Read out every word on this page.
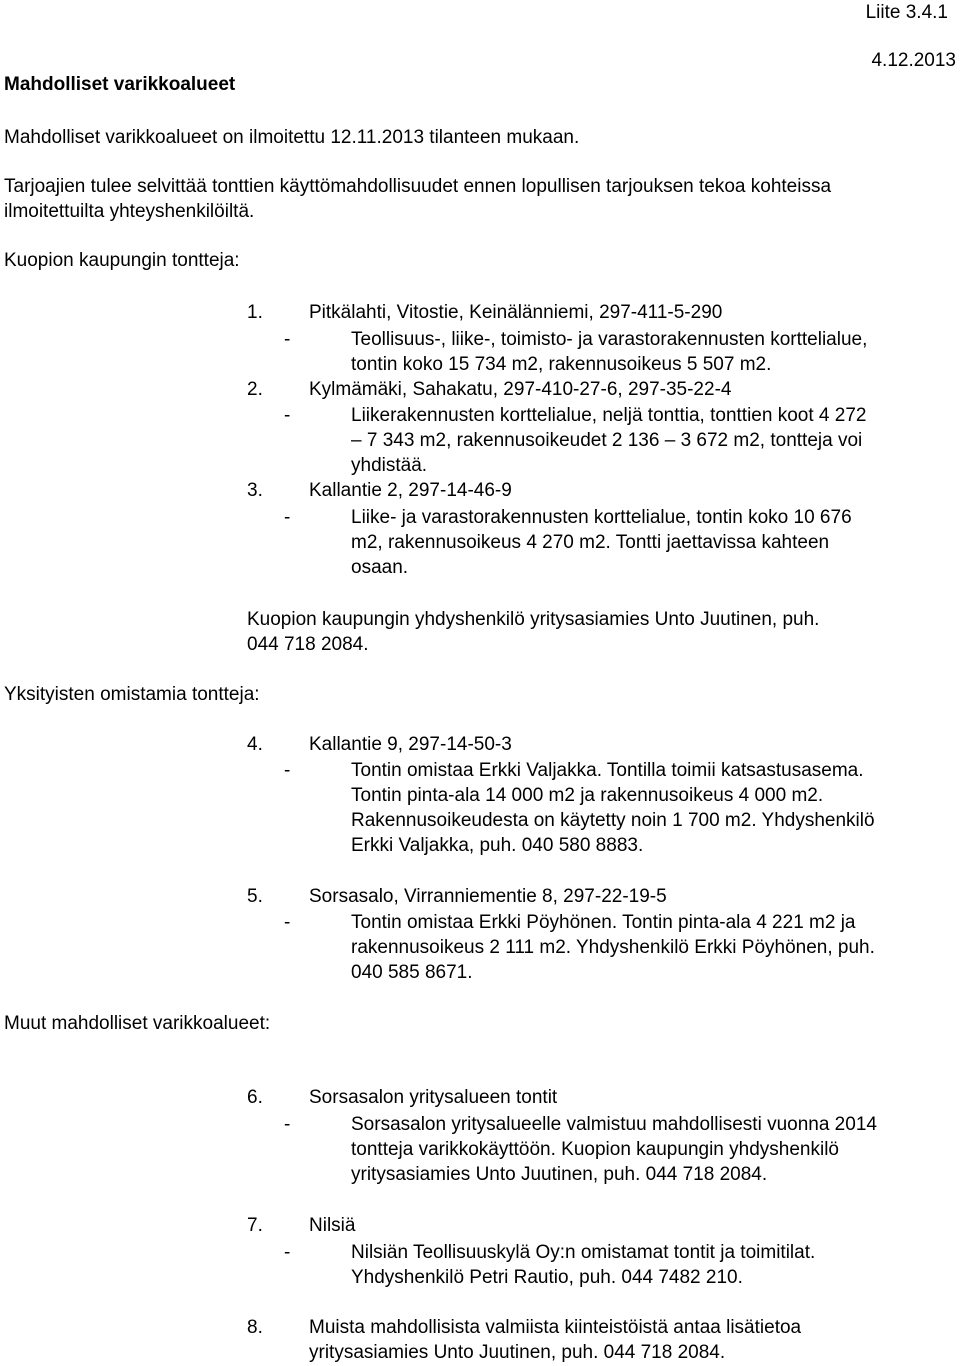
Liite 3.4.1
Mahdolliset varikkoalueet
4.12.2013
Mahdolliset varikkoalueet on ilmoitettu 12.11.2013 tilanteen mukaan.
Tarjoajien tulee selvittää tonttien käyttömahdollisuudet ennen lopullisen tarjouksen tekoa kohteissa
ilmoitettuilta yhteyshenkilöiltä.
Kuopion kaupungin tontteja:
1. Pitkälahti, Vitostie, Keinälänniemi, 297-411-5-290
-	Teollisuus-, liike-, toimisto- ja varastorakennusten korttelialue,
tontin koko 15 734 m2, rakennusoikeus 5 507 m2.
2. Kylmämäki, Sahakatu, 297-410-27-6, 297-35-22-4
-	Liikerakennusten korttelialue, neljä tonttia, tonttien koot 4 272
– 7 343 m2, rakennusoikeudet 2 136 – 3 672 m2, tontteja voi
yhdistää.
3. Kallantie 2, 297-14-46-9
-	Liike- ja varastorakennusten korttelialue, tontin koko 10 676
m2, rakennusoikeus 4 270 m2. Tontti jaettavissa kahteen
osaan.
Kuopion kaupungin yhdyshenkilö yritysasiamies Unto Juutinen, puh.
044 718 2084.
Yksityisten omistamia tontteja:
4. Kallantie 9, 297-14-50-3
-	Tontin omistaa Erkki Valjakka. Tontilla toimii katsastusasema.
Tontin pinta-ala 14 000 m2 ja rakennusoikeus 4 000 m2.
Rakennusoikeudesta on käytetty noin 1 700 m2. Yhdyshenkilö
Erkki Valjakka, puh. 040 580 8883.
5. Sorsasalo, Virranniementie 8, 297-22-19-5
-	Tontin omistaa Erkki Pöyhönen. Tontin pinta-ala 4 221 m2 ja
rakennusoikeus 2 111 m2. Yhdyshenkilö Erkki Pöyhönen, puh.
040 585 8671.
Muut mahdolliset varikkoalueet:
6. Sorsasalon yritysalueen tontit
-	Sorsasalon yritysalueelle valmistuu mahdollisesti vuonna 2014
tontteja varikkokäyttöön. Kuopion kaupungin yhdyshenkilö
yritysasiamies Unto Juutinen, puh. 044 718 2084.
7. Nilsiä
-	Nilsiän Teollisuuskylä Oy:n omistamat tontit ja toimitilat.
Yhdyshenkilö Petri Rautio, puh. 044 7482 210.
8. Muista mahdollisista valmiista kiinteistöistä antaa lisätietoa
yritysasiamies Unto Juutinen, puh. 044 718 2084.
